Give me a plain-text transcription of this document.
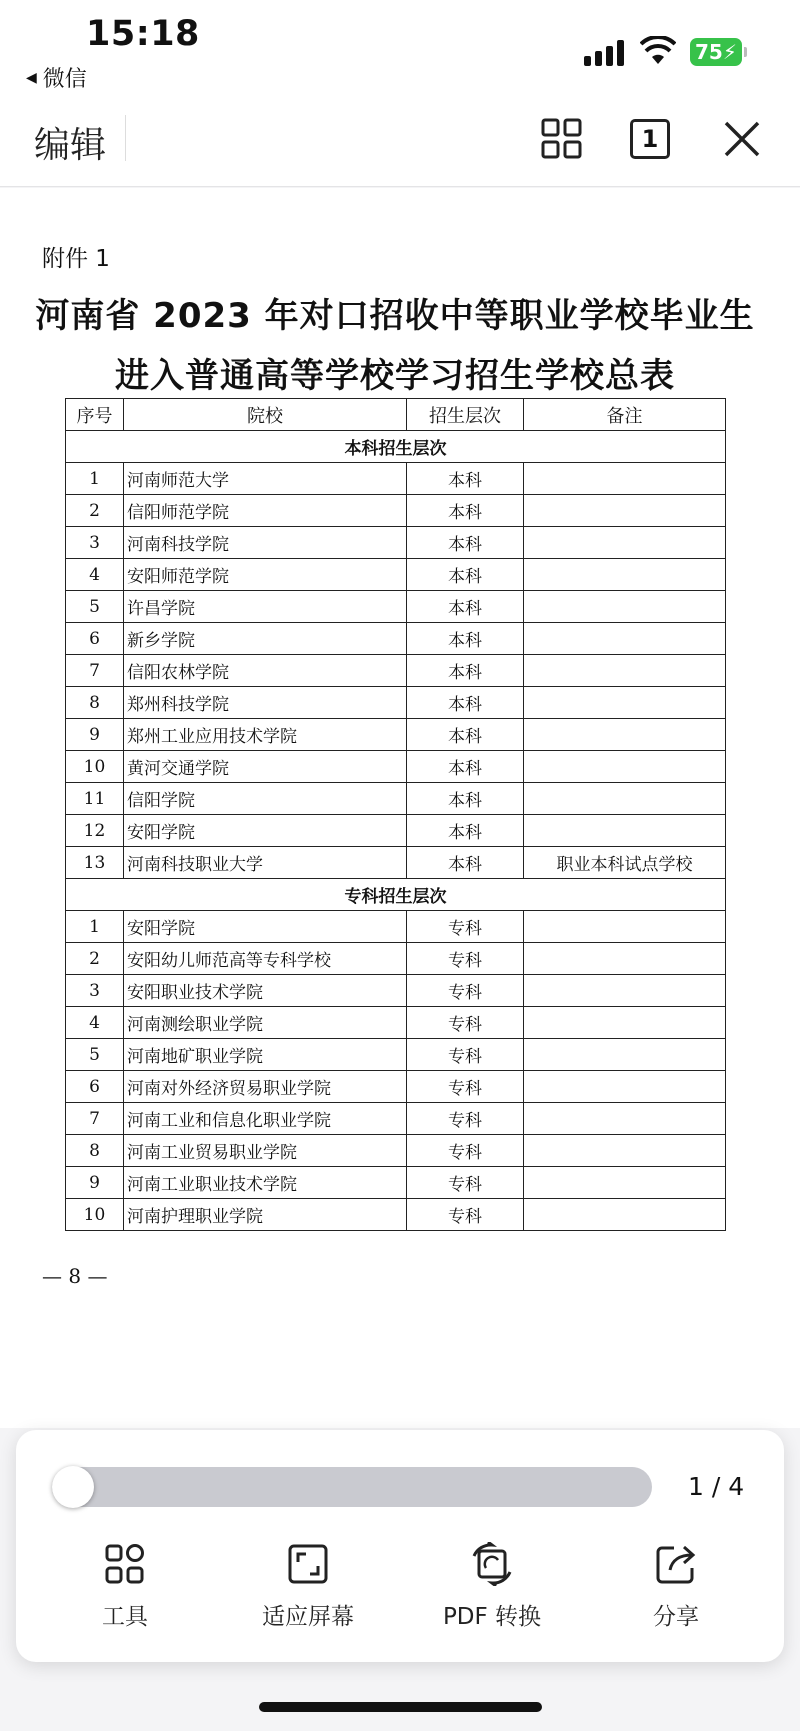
15:18
◀ 微信
75⚡
编辑	1
附件 1
河南省 2023 年对口招收中等职业学校毕业生
进入普通高等学校学习招生学校总表
序号	院校	招生层次	备注
本科招生层次			
1	河南师范大学	本科	
2	信阳师范学院	本科	
3	河南科技学院	本科	
4	安阳师范学院	本科	
5	许昌学院	本科	
6	新乡学院	本科	
7	信阳农林学院	本科	
8	郑州科技学院	本科	
9	郑州工业应用技术学院	本科	
10	黄河交通学院	本科	
11	信阳学院	本科	
12	安阳学院	本科	
13	河南科技职业大学	本科	职业本科试点学校
专科招生层次			
1	安阳学院	专科	
2	安阳幼儿师范高等专科学校	专科	
3	安阳职业技术学院	专科	
4	河南测绘职业学院	专科	
5	河南地矿职业学院	专科	
6	河南对外经济贸易职业学院	专科	
7	河南工业和信息化职业学院	专科	
8	河南工业贸易职业学院	专科	
9	河南工业职业技术学院	专科	
10	河南护理职业学院	专科	
— 8 —
1 / 4
工具	适应屏幕	PDF 转换	分享
